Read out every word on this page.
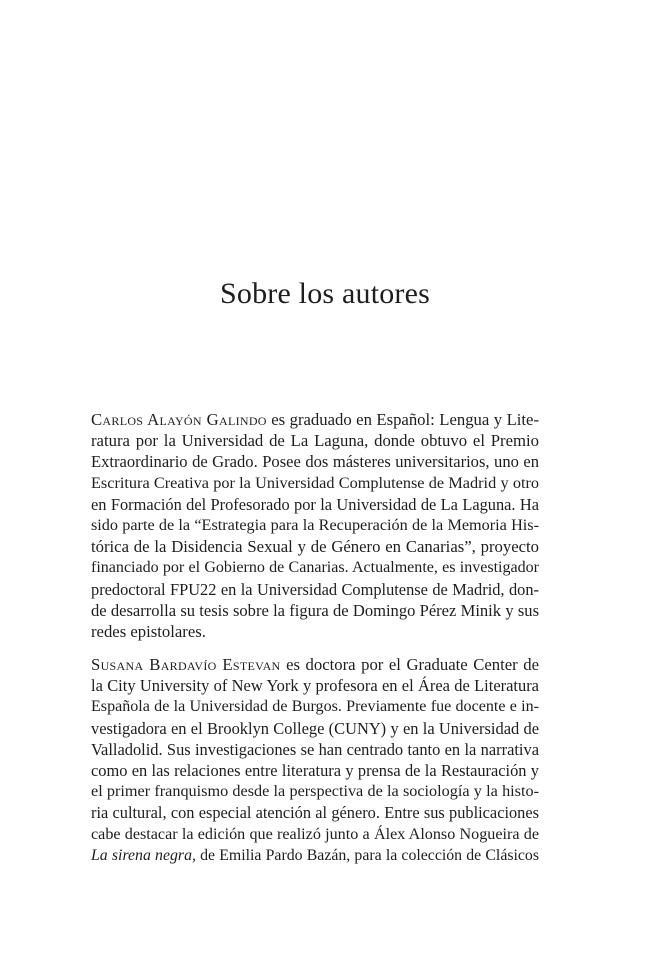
Sobre los autores
Carlos Alayón Galindo es graduado en Español: Lengua y Lite-
ratura por la Universidad de La Laguna, donde obtuvo el Premio
Extraordinario de Grado. Posee dos másteres universitarios, uno en
Escritura Creativa por la Universidad Complutense de Madrid y otro
en Formación del Profesorado por la Universidad de La Laguna. Ha
sido parte de la “Estrategia para la Recuperación de la Memoria His-
tórica de la Disidencia Sexual y de Género en Canarias”, proyecto
financiado por el Gobierno de Canarias. Actualmente, es investigador
predoctoral FPU22 en la Universidad Complutense de Madrid, don-
de desarrolla su tesis sobre la figura de Domingo Pérez Minik y sus
redes epistolares.
Susana Bardavío Estevan es doctora por el Graduate Center de
la City University of New York y profesora en el Área de Literatura
Española de la Universidad de Burgos. Previamente fue docente e in-
vestigadora en el Brooklyn College (CUNY) y en la Universidad de
Valladolid. Sus investigaciones se han centrado tanto en la narrativa
como en las relaciones entre literatura y prensa de la Restauración y
el primer franquismo desde la perspectiva de la sociología y la histo-
ria cultural, con especial atención al género. Entre sus publicaciones
cabe destacar la edición que realizó junto a Álex Alonso Nogueira de
La sirena negra, de Emilia Pardo Bazán, para la colección de Clásicos
